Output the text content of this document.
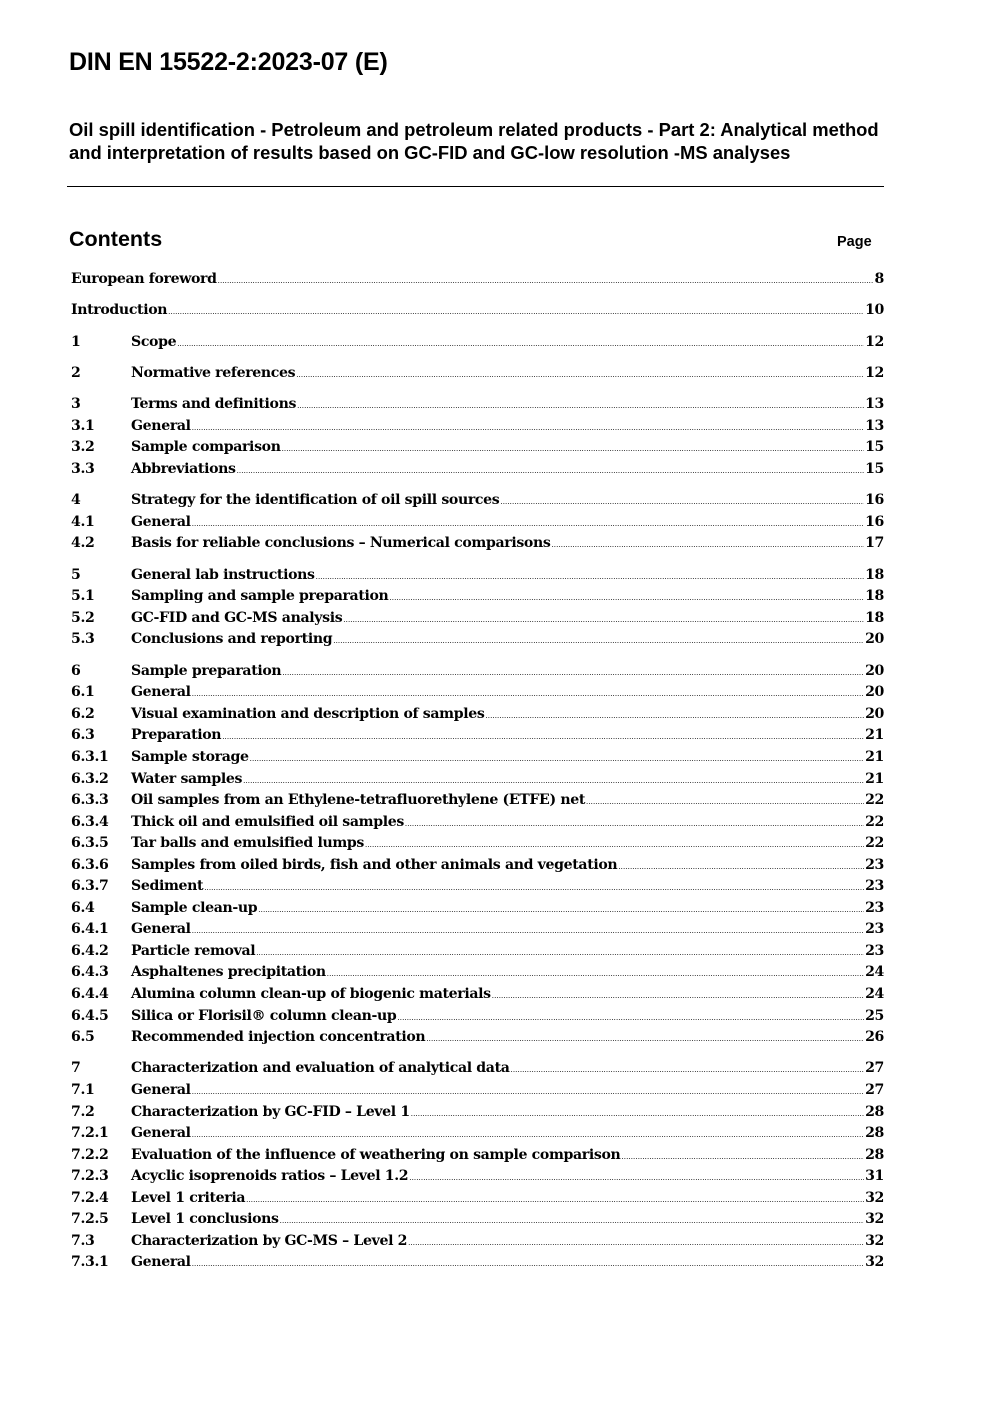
DIN EN 15522-2:2023-07 (E)
Oil spill identification - Petroleum and petroleum related products - Part 2: Analytical method and interpretation of results based on GC-FID and GC-low resolution -MS analyses
Contents	Page
European foreword .....	8
Introduction .....	10
1	Scope .....	12
2	Normative references .....	12
3	Terms and definitions .....	13
3.1	General .....	13
3.2	Sample comparison .....	15
3.3	Abbreviations .....	15
4	Strategy for the identification of oil spill sources .....	16
4.1	General .....	16
4.2	Basis for reliable conclusions – Numerical comparisons .....	17
5	General lab instructions .....	18
5.1	Sampling and sample preparation .....	18
5.2	GC-FID and GC-MS analysis .....	18
5.3	Conclusions and reporting .....	20
6	Sample preparation .....	20
6.1	General .....	20
6.2	Visual examination and description of samples .....	20
6.3	Preparation .....	21
6.3.1	Sample storage .....	21
6.3.2	Water samples .....	21
6.3.3	Oil samples from an Ethylene-tetrafluorethylene (ETFE) net .....	22
6.3.4	Thick oil and emulsified oil samples .....	22
6.3.5	Tar balls and emulsified lumps .....	22
6.3.6	Samples from oiled birds, fish and other animals and vegetation .....	23
6.3.7	Sediment .....	23
6.4	Sample clean-up .....	23
6.4.1	General .....	23
6.4.2	Particle removal .....	23
6.4.3	Asphaltenes precipitation .....	24
6.4.4	Alumina column clean-up of biogenic materials .....	24
6.4.5	Silica or Florisil® column clean-up .....	25
6.5	Recommended injection concentration .....	26
7	Characterization and evaluation of analytical data .....	27
7.1	General .....	27
7.2	Characterization by GC-FID – Level 1 .....	28
7.2.1	General .....	28
7.2.2	Evaluation of the influence of weathering on sample comparison .....	28
7.2.3	Acyclic isoprenoids ratios – Level 1.2 .....	31
7.2.4	Level 1 criteria .....	32
7.2.5	Level 1 conclusions .....	32
7.3	Characterization by GC-MS – Level 2 .....	32
7.3.1	General .....	32
